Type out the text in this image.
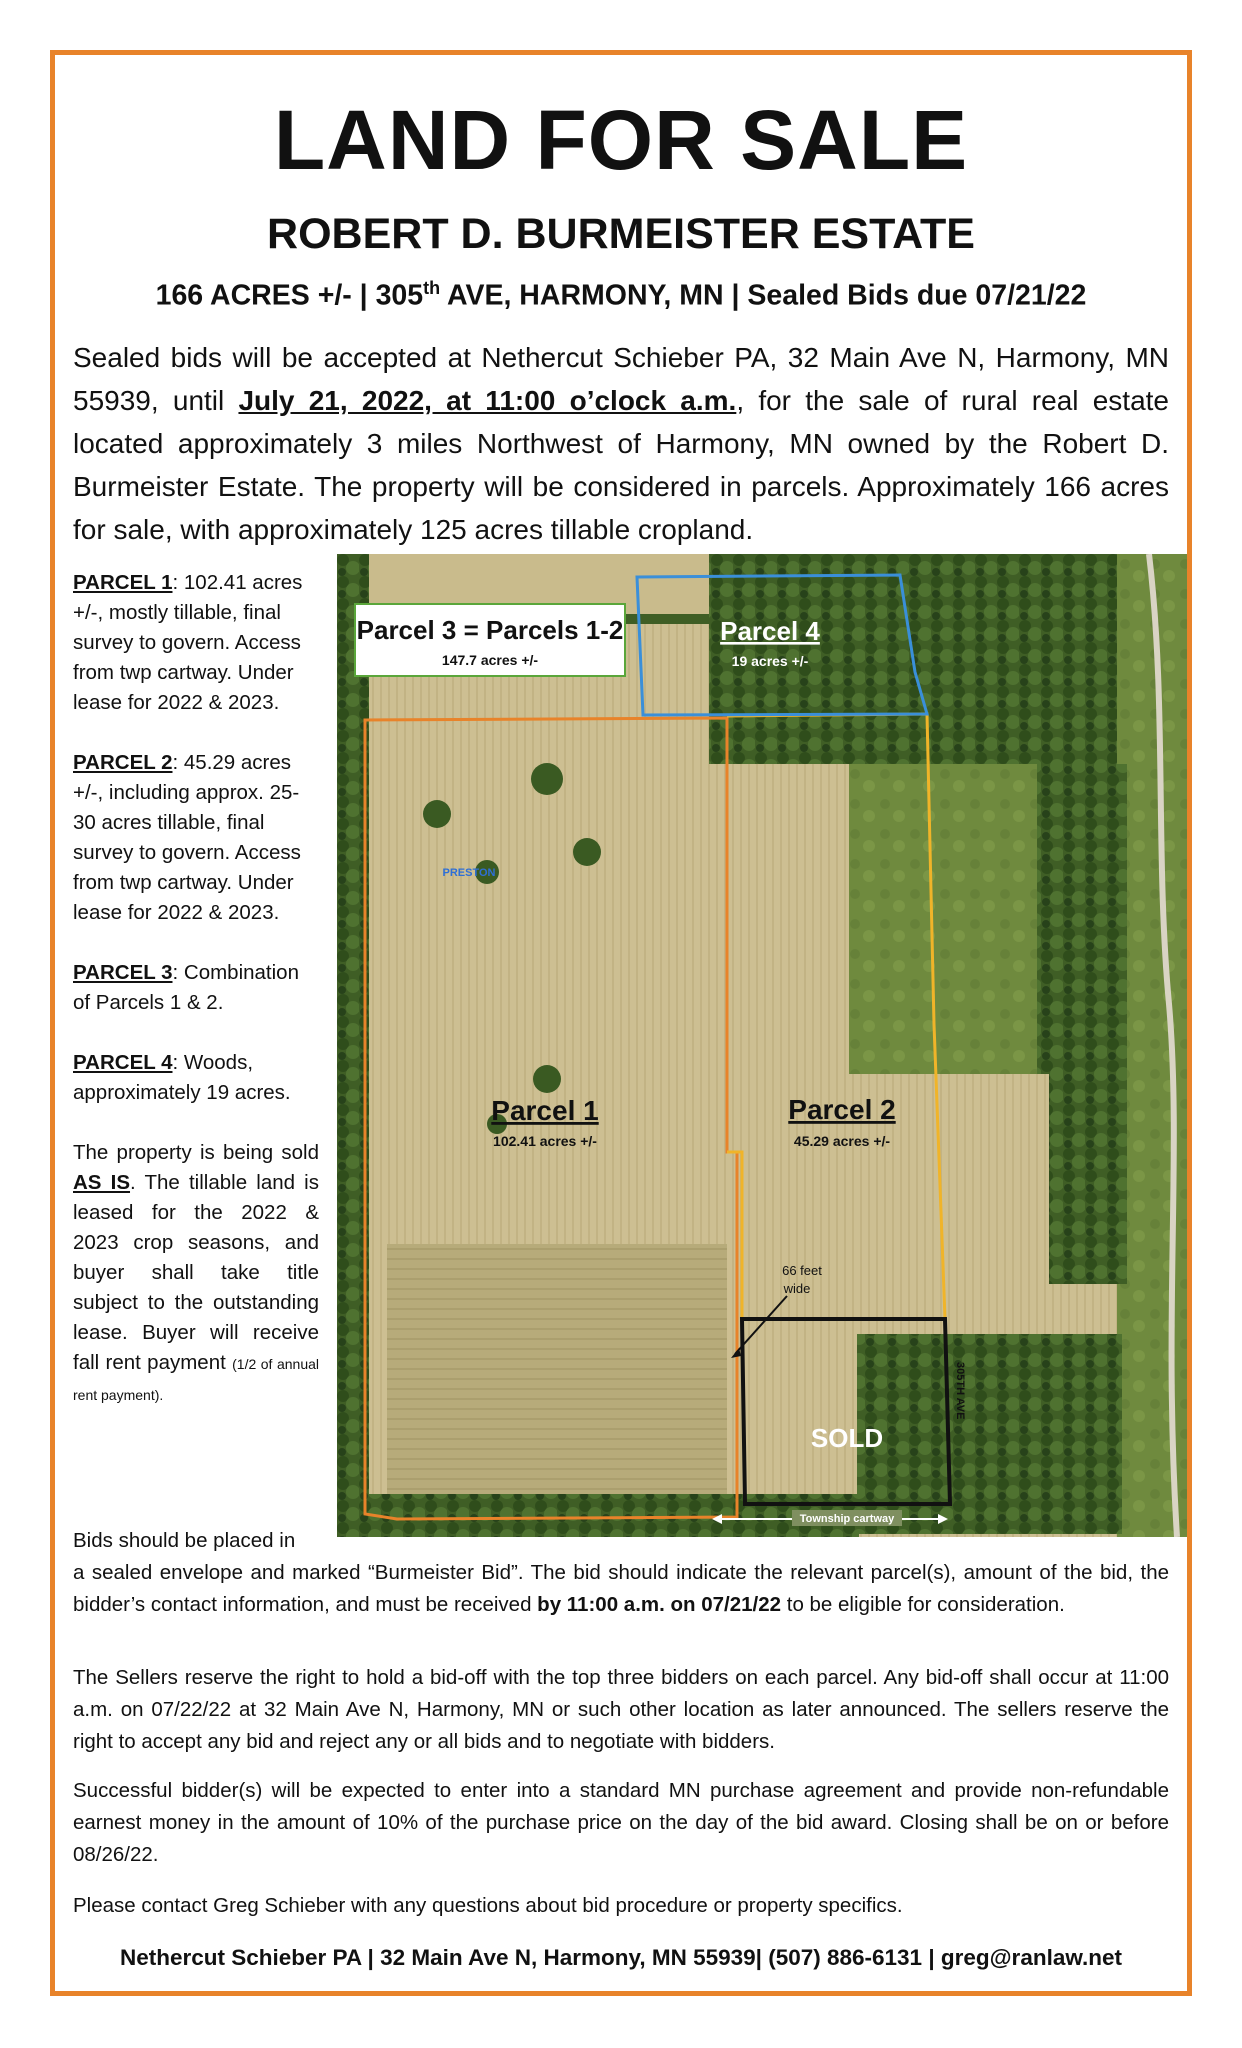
LAND FOR SALE
ROBERT D. BURMEISTER ESTATE
166 ACRES +/- | 305th AVE, HARMONY, MN | Sealed Bids due 07/21/22
Sealed bids will be accepted at Nethercut Schieber PA, 32 Main Ave N, Harmony, MN 55939, until July 21, 2022, at 11:00 o’clock a.m., for the sale of rural real estate located approximately 3 miles Northwest of Harmony, MN owned by the Robert D. Burmeister Estate. The property will be considered in parcels. Approximately 166 acres for sale, with approximately 125 acres tillable cropland.

PARCEL 1: 102.41 acres +/-, mostly tillable, final survey to govern. Access from twp cartway. Under lease for 2022 & 2023.

PARCEL 2: 45.29 acres +/-, including approx. 25-30 acres tillable, final survey to govern. Access from twp cartway. Under lease for 2022 & 2023.

PARCEL 3: Combination of Parcels 1 & 2.

PARCEL 4: Woods, approximately 19 acres.

The property is being sold AS IS. The tillable land is leased for the 2022 & 2023 crop seasons, and buyer shall take title subject to the outstanding lease. Buyer will receive fall rent payment (1/2 of annual rent payment).

Parcel 3 = Parcels 1-2
147.7 acres +/-
Parcel 4
19 acres +/-
PRESTON
Parcel 1
102.41 acres +/-
Parcel 2
45.29 acres +/-
66 feet
wide
SOLD
305TH AVE
Township cartway
Bids should be placed in
a sealed envelope and marked “Burmeister Bid”. The bid should indicate the relevant parcel(s), amount of the bid, the bidder’s contact information, and must be received by 11:00 a.m. on 07/21/22 to be eligible for consideration.
The Sellers reserve the right to hold a bid-off with the top three bidders on each parcel. Any bid-off shall occur at 11:00 a.m. on 07/22/22 at 32 Main Ave N, Harmony, MN or such other location as later announced. The sellers reserve the right to accept any bid and reject any or all bids and to negotiate with bidders.
Successful bidder(s) will be expected to enter into a standard MN purchase agreement and provide non-refundable earnest money in the amount of 10% of the purchase price on the day of the bid award. Closing shall be on or before 08/26/22.
Please contact Greg Schieber with any questions about bid procedure or property specifics.
Nethercut Schieber PA | 32 Main Ave N, Harmony, MN 55939| (507) 886-6131 | greg@ranlaw.net
